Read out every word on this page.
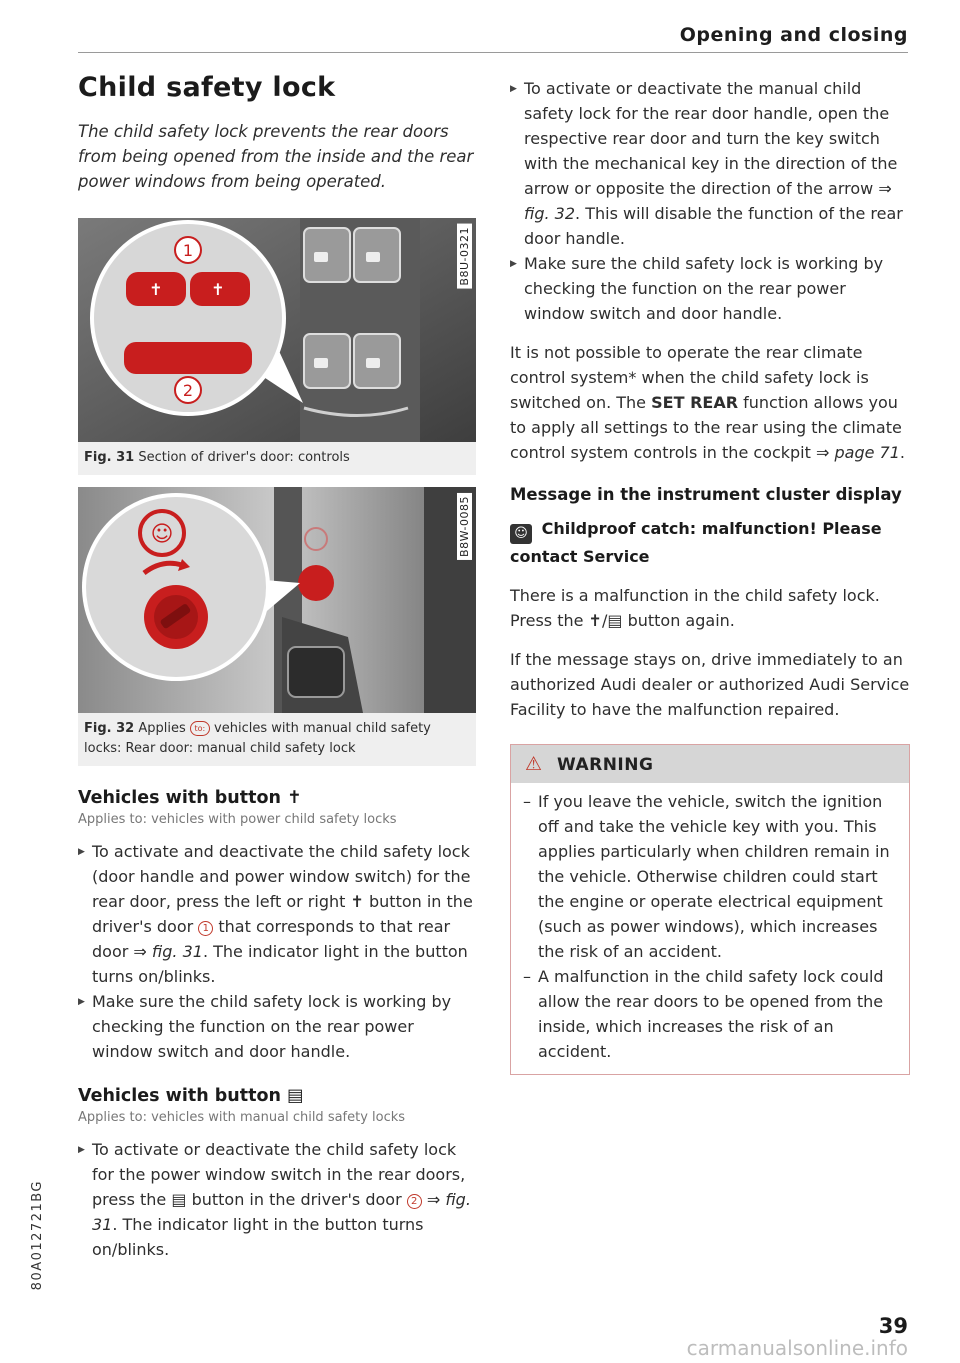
Opening and closing
Child safety lock

The child safety lock prevents the rear doors from being opened from the inside and the rear power windows from being operated.

✝	✝
1
2
B8U-0321
Fig. 31 Section of driver's door: controls
☺	B8W-0085
Fig. 32 Applies to: vehicles with manual child safety locks: Rear door: manual child safety lock
Vehicles with button ✝
Applies to: vehicles with power child safety locks
▶ To activate and deactivate the child safety lock (door handle and power window switch) for the rear door, press the left or right ✝ button in the driver's door 1 that corresponds to that rear door ⇒ fig. 31. The indicator light in the button turns on/blinks.
▶ Make sure the child safety lock is working by checking the function on the rear power window switch and door handle.
Vehicles with button ▤
Applies to: vehicles with manual child safety locks
▶ To activate or deactivate the child safety lock for the power window switch in the rear doors, press the ▤ button in the driver's door 2 ⇒ fig. 31. The indicator light in the button turns on/blinks.
▶ To activate or deactivate the manual child safety lock for the rear door handle, open the respective rear door and turn the key switch with the mechanical key in the direction of the arrow or opposite the direction of the arrow ⇒ fig. 32. This will disable the function of the rear door handle.
▶ Make sure the child safety lock is working by checking the function on the rear power window switch and door handle.

It is not possible to operate the rear climate control system* when the child safety lock is switched on. The SET REAR function allows you to apply all settings to the rear using the climate control system controls in the cockpit ⇒ page 71.

Message in the instrument cluster display
☺ Childproof catch: malfunction! Please contact Service

There is a malfunction in the child safety lock. Press the ✝/▤ button again.

If the message stays on, drive immediately to an authorized Audi dealer or authorized Audi Service Facility to have the malfunction repaired.

⚠ WARNING
– If you leave the vehicle, switch the ignition off and take the vehicle key with you. This applies particularly when children remain in the vehicle. Otherwise children could start the engine or operate electrical equipment (such as power windows), which increases the risk of an accident.
– A malfunction in the child safety lock could allow the rear doors to be opened from the inside, which increases the risk of an accident.
80A012721BG
39
carmanualsonline.info
